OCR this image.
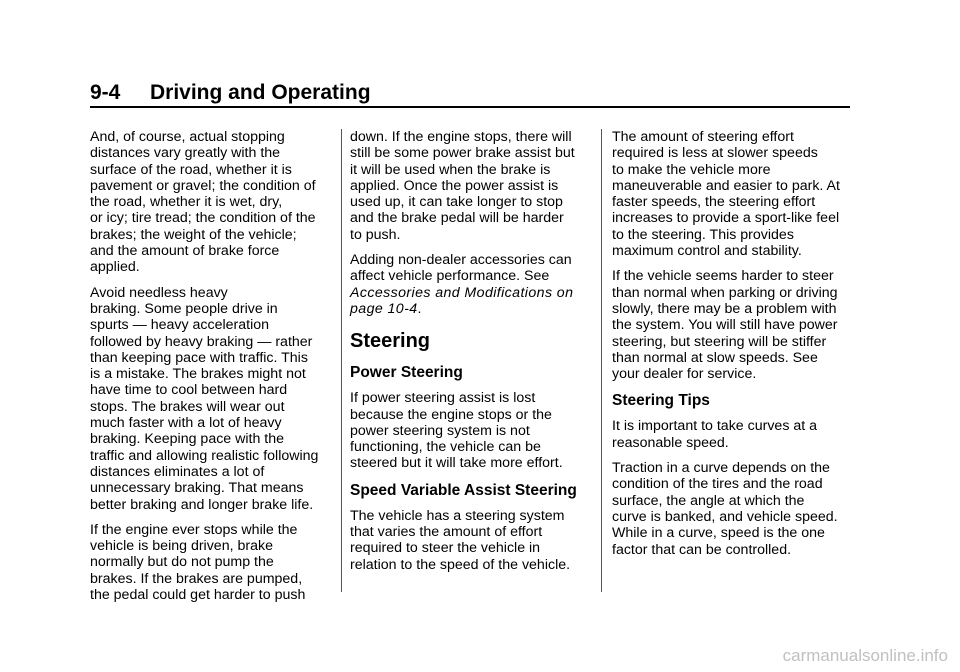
9-4 Driving and Operating

And, of course, actual stopping
distances vary greatly with the
surface of the road, whether it is
pavement or gravel; the condition of
the road, whether it is wet, dry,
or icy; tire tread; the condition of the
brakes; the weight of the vehicle;
and the amount of brake force
applied.

Avoid needless heavy
braking. Some people drive in
spurts — heavy acceleration
followed by heavy braking — rather
than keeping pace with traffic. This
is a mistake. The brakes might not
have time to cool between hard
stops. The brakes will wear out
much faster with a lot of heavy
braking. Keeping pace with the
traffic and allowing realistic following
distances eliminates a lot of
unnecessary braking. That means
better braking and longer brake life.

If the engine ever stops while the
vehicle is being driven, brake
normally but do not pump the
brakes. If the brakes are pumped,
the pedal could get harder to push

down. If the engine stops, there will
still be some power brake assist but
it will be used when the brake is
applied. Once the power assist is
used up, it can take longer to stop
and the brake pedal will be harder
to push.

Adding non-dealer accessories can
affect vehicle performance. See
Accessories and Modifications on
page 10‑4.

Steering
Power Steering

If power steering assist is lost
because the engine stops or the
power steering system is not
functioning, the vehicle can be
steered but it will take more effort.

Speed Variable Assist Steering

The vehicle has a steering system
that varies the amount of effort
required to steer the vehicle in
relation to the speed of the vehicle.

The amount of steering effort
required is less at slower speeds
to make the vehicle more
maneuverable and easier to park. At
faster speeds, the steering effort
increases to provide a sport-like feel
to the steering. This provides
maximum control and stability.

If the vehicle seems harder to steer
than normal when parking or driving
slowly, there may be a problem with
the system. You will still have power
steering, but steering will be stiffer
than normal at slow speeds. See
your dealer for service.

Steering Tips

It is important to take curves at a
reasonable speed.

Traction in a curve depends on the
condition of the tires and the road
surface, the angle at which the
curve is banked, and vehicle speed.
While in a curve, speed is the one
factor that can be controlled.

carmanualsonline.info
